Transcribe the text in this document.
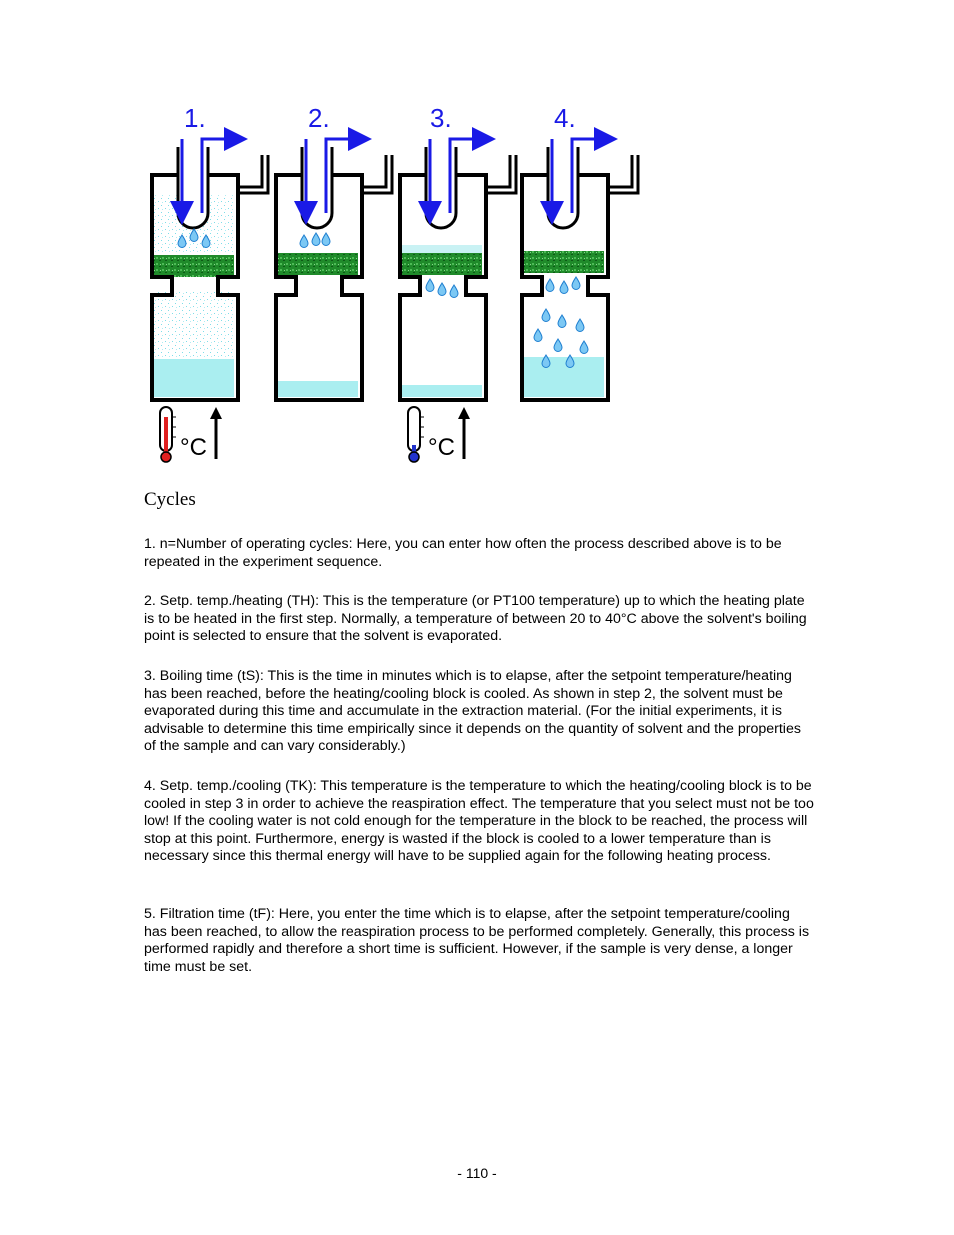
1.	2.	3.	4.
°C	°C
Cycles

1. n=Number of operating cycles: Here, you can enter how often the process described above is to be repeated in the experiment sequence.

2. Setp. temp./heating (TH): This is the temperature (or PT100 temperature) up to which the heating plate is to be heated in the first step. Normally, a temperature of between 20 to 40°C above the solvent's boiling point is selected to ensure that the solvent is evaporated.

3. Boiling time (tS): This is the time in minutes which is to elapse, after the setpoint temperature/heating has been reached, before the heating/cooling block is cooled. As shown in step 2, the solvent must be evaporated during this time and accumulate in the extraction material. (For the initial experiments, it is advisable to determine this time empirically since it depends on the quantity of solvent and the properties of the sample and can vary considerably.)

4. Setp. temp./cooling (TK): This temperature is the temperature to which the heating/cooling block is to be cooled in step 3 in order to achieve the reaspiration effect. The temperature that you select must not be too low! If the cooling water is not cold enough for the temperature in the block to be reached, the process will stop at this point. Furthermore, energy is wasted if the block is cooled to a lower temperature than is necessary since this thermal energy will have to be supplied again for the following heating process.

5. Filtration time (tF): Here, you enter the time which is to elapse, after the setpoint temperature/cooling has been reached, to allow the reaspiration process to be performed completely. Generally, this process is performed rapidly and therefore a short time is sufficient. However, if the sample is very dense, a longer time must be set.

- 110 -
